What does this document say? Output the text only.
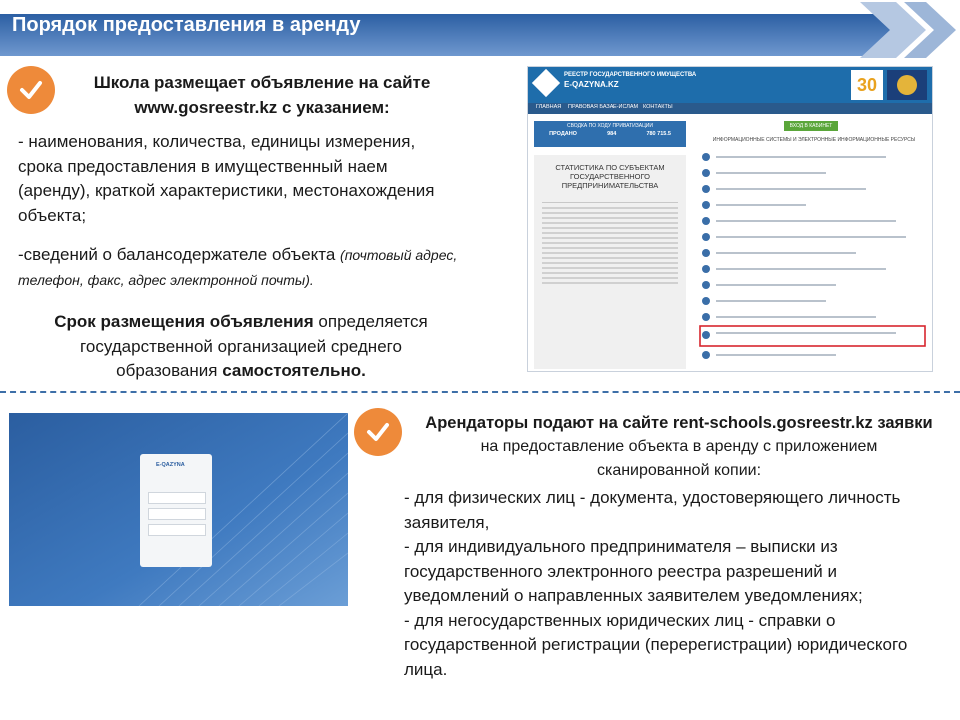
Порядок предоставления в аренду
Школа размещает объявление на сайте
www.gosreestr.kz с указанием:
- наименования, количества, единицы измерения, срока предоставления в имущественный наем (аренду), краткой характеристики, местонахождения объекта;
-сведений о балансодержателе объекта (почтовый адрес, телефон, факс, адрес электронной почты).
Срок размещения объявления определяется государственной организацией среднего образования самостоятельно.
РЕЕСТР ГОСУДАРСТВЕННОГО ИМУЩЕСТВА
E-QAZYNA.KZ	30
ГЛАВНАЯ ПРАВОВАЯ БАЗА Е-ИСЛАМ КОНТАКТЫ
СВОДКА ПО ХОДУ ПРИВАТИЗАЦИИ
ПРОДАНО	984	780 715.5
СТАТИСТИКА ПО СУБЪЕКТАМ ГОСУДАРСТВЕННОГО ПРЕДПРИНИМАТЕЛЬСТВА
ВХОД В КАБИНЕТ
ИНФОРМАЦИОННЫЕ СИСТЕМЫ И ЭЛЕКТРОННЫЕ ИНФОРМАЦИОННЫЕ РЕСУРСЫ
E-QAZYNA
Арендаторы подают на сайте rent-schools.gosreestr.kz заявки
на предоставление объекта в аренду с приложением сканированной копии:
- для физических лиц - документа, удостоверяющего личность заявителя,
- для индивидуального предпринимателя – выписки из государственного электронного реестра разрешений и уведомлений о направленных заявителем уведомлениях;
- для негосударственных юридических лиц - справки о государственной регистрации (перерегистрации) юридического лица.
